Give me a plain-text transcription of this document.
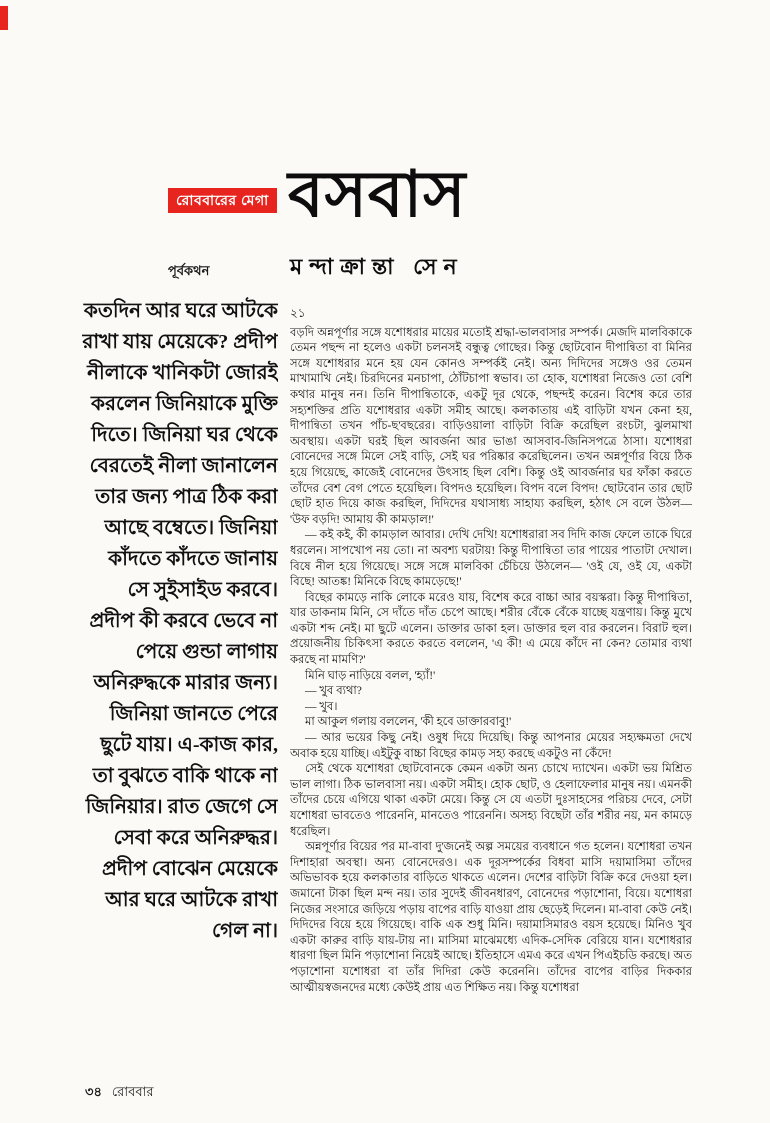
রোববারের মেগা বসবাস
পূর্বকথন	মন্দাক্রান্তা সেন
কতদিন আর ঘরে আটকে রাখা যায় মেয়েকে? প্রদীপ নীলাকে খানিকটা জোরই করলেন জিনিয়াকে মুক্তি দিতে। জিনিয়া ঘর থেকে বেরতেই নীলা জানালেন তার জন্য পাত্র ঠিক করা আছে বম্বেতে। জিনিয়া কাঁদতে কাঁদতে জানায় সে সুইসাইড করবে। প্রদীপ কী করবে ভেবে না পেয়ে গুন্ডা লাগায় অনিরুদ্ধকে মারার জন্য। জিনিয়া জানতে পেরে ছুটে যায়। এ-কাজ কার, তা বুঝতে বাকি থাকে না জিনিয়ার। রাত জেগে সে সেবা করে অনিরুদ্ধর। প্রদীপ বোঝেন মেয়েকে আর ঘরে আটকে রাখা গেল না।
২১

বড়দি অন্নপূর্ণার সঙ্গে যশোধরার মায়ের মতোই শ্রদ্ধা-ভালবাসার সম্পর্ক। মেজদি মালবিকাকে তেমন পছন্দ না হলেও একটা চলনসই বন্ধুত্ব গোছের। কিন্তু ছোটবোন দীপান্বিতা বা মিনির সঙ্গে যশোধরার মনে হয় যেন কোনও সম্পর্কই নেই। অন্য দিদিদের সঙ্গেও ওর তেমন মাখামাখি নেই। চিরদিনের মনচাপা, ঠোঁটচাপা স্বভাব। তা হোক, যশোধরা নিজেও তো বেশি কথার মানুষ নন। তিনি দীপান্বিতাকে, একটু দূর থেকে, পছন্দই করেন। বিশেষ করে তার সহ্যশক্তির প্রতি যশোধরার একটা সমীহ আছে। কলকাতায় এই বাড়িটা যখন কেনা হয়, দীপান্বিতা তখন পাঁচ-ছ'বছরের। বাড়িওয়ালা বাড়িটা বিক্রি করেছিল রংচটা, ঝুলমাখা অবস্থায়। একটা ঘরই ছিল আবর্জনা আর ভাঙা আসবাব-জিনিসপত্রে ঠাসা। যশোধরা বোনেদের সঙ্গে মিলে সেই বাড়ি, সেই ঘর পরিষ্কার করেছিলেন। তখন অন্নপূর্ণার বিয়ে ঠিক হয়ে গিয়েছে, কাজেই বোনেদের উৎসাহ ছিল বেশি। কিন্তু ওই আবর্জনার ঘর ফাঁকা করতে তাঁদের বেশ বেগ পেতে হয়েছিল। বিপদও হয়েছিল। বিপদ বলে বিপদ! ছোটবোন তার ছোট ছোট হাত দিয়ে কাজ করছিল, দিদিদের যথাসাধ্য সাহায্য করছিল, হঠাৎ সে বলে উঠল— 'উফ বড়দি! আমায় কী কামড়াল!'

— কই কই, কী কামড়াল আবার। দেখি দেখি! যশোধরারা সব দিদি কাজ ফেলে তাকে ঘিরে ধরলেন। সাপখোপ নয় তো। না অবশ্য ঘরটায়! কিন্তু দীপান্বিতা তার পায়ের পাতাটা দেখাল। বিষে নীল হয়ে গিয়েছে। সঙ্গে সঙ্গে মালবিকা চেঁচিয়ে উঠলেন— 'ওই যে, ওই যে, একটা বিছে! আতঙ্ক! মিনিকে বিছে কামড়েছে!'

বিছের কামড়ে নাকি লোকে মরেও যায়, বিশেষ করে বাচ্চা আর বয়স্করা। কিন্তু দীপান্বিতা, যার ডাকনাম মিনি, সে দাঁতে দাঁত চেপে আছে। শরীর বেঁকে বেঁকে যাচ্ছে যন্ত্রণায়। কিন্তু মুখে একটা শব্দ নেই। মা ছুটে এলেন। ডাক্তার ডাকা হল। ডাক্তার হুল বার করলেন। বিরাট হুল। প্রয়োজনীয় চিকিৎসা করতে করতে বললেন, 'এ কী! এ মেয়ে কাঁদে না কেন? তোমার ব্যথা করছে না মামণি?'

মিনি ঘাড় নাড়িয়ে বলল, 'হ্যাঁ!'

— খুব ব্যথা?

— খুব।

মা আকুল গলায় বললেন, 'কী হবে ডাক্তারবাবু!'

— আর ভয়ের কিছু নেই। ওষুধ দিয়ে দিয়েছি। কিন্তু আপনার মেয়ের সহ্যক্ষমতা দেখে অবাক হয়ে যাচ্ছি। এইটুকু বাচ্চা বিছের কামড় সহ্য করছে একটুও না কেঁদে!

সেই থেকে যশোধরা ছোটবোনকে কেমন একটা অন্য চোখে দ্যাখেন। একটা ভয় মিশ্রিত ভাল লাগা। ঠিক ভালবাসা নয়। একটা সমীহ। হোক ছোট, ও হেলাফেলার মানুষ নয়। এমনকী তাঁদের চেয়ে এগিয়ে থাকা একটা মেয়ে। কিন্তু সে যে এতটা দুঃসাহসের পরিচয় দেবে, সেটা যশোধরা ভাবতেও পারেননি, মানতেও পারেননি। অসহ্য বিছেটা তাঁর শরীর নয়, মন কামড়ে ধরেছিল।

অন্নপূর্ণার বিয়ের পর মা-বাবা দু'জনেই অল্প সময়ের ব্যবধানে গত হলেন। যশোধরা তখন দিশাহারা অবস্থা। অন্য বোনেদেরও। এক দূরসম্পর্কের বিধবা মাসি দয়ামাসিমা তাঁদের অভিভাবক হয়ে কলকাতার বাড়িতে থাকতে এলেন। দেশের বাড়িটা বিক্রি করে দেওয়া হল। জমানো টাকা ছিল মন্দ নয়। তার সুদেই জীবনধারণ, বোনেদের পড়াশোনা, বিয়ে। যশোধরা নিজের সংসারে জড়িয়ে পড়ায় বাপের বাড়ি যাওয়া প্রায় ছেড়েই দিলেন। মা-বাবা কেউ নেই। দিদিদের বিয়ে হয়ে গিয়েছে। বাকি এক শুধু মিনি। দয়ামাসিমারও বয়স হয়েছে। মিনিও খুব একটা কারুর বাড়ি যায়-টায় না। মাসিমা মাঝেমধ্যে এদিক-সেদিক বেরিয়ে যান। যশোধরার ধারণা ছিল মিনি পড়াশোনা নিয়েই আছে। ইতিহাসে এমএ করে এখন পিএইচডি করছে। অত পড়াশোনা যশোধরা বা তাঁর দিদিরা কেউ করেননি। তাঁদের বাপের বাড়ির দিককার আত্মীয়স্বজনদের মধ্যে কেউই প্রায় এত শিক্ষিত নয়। কিন্তু যশোধরা

৩৪ রোববার
